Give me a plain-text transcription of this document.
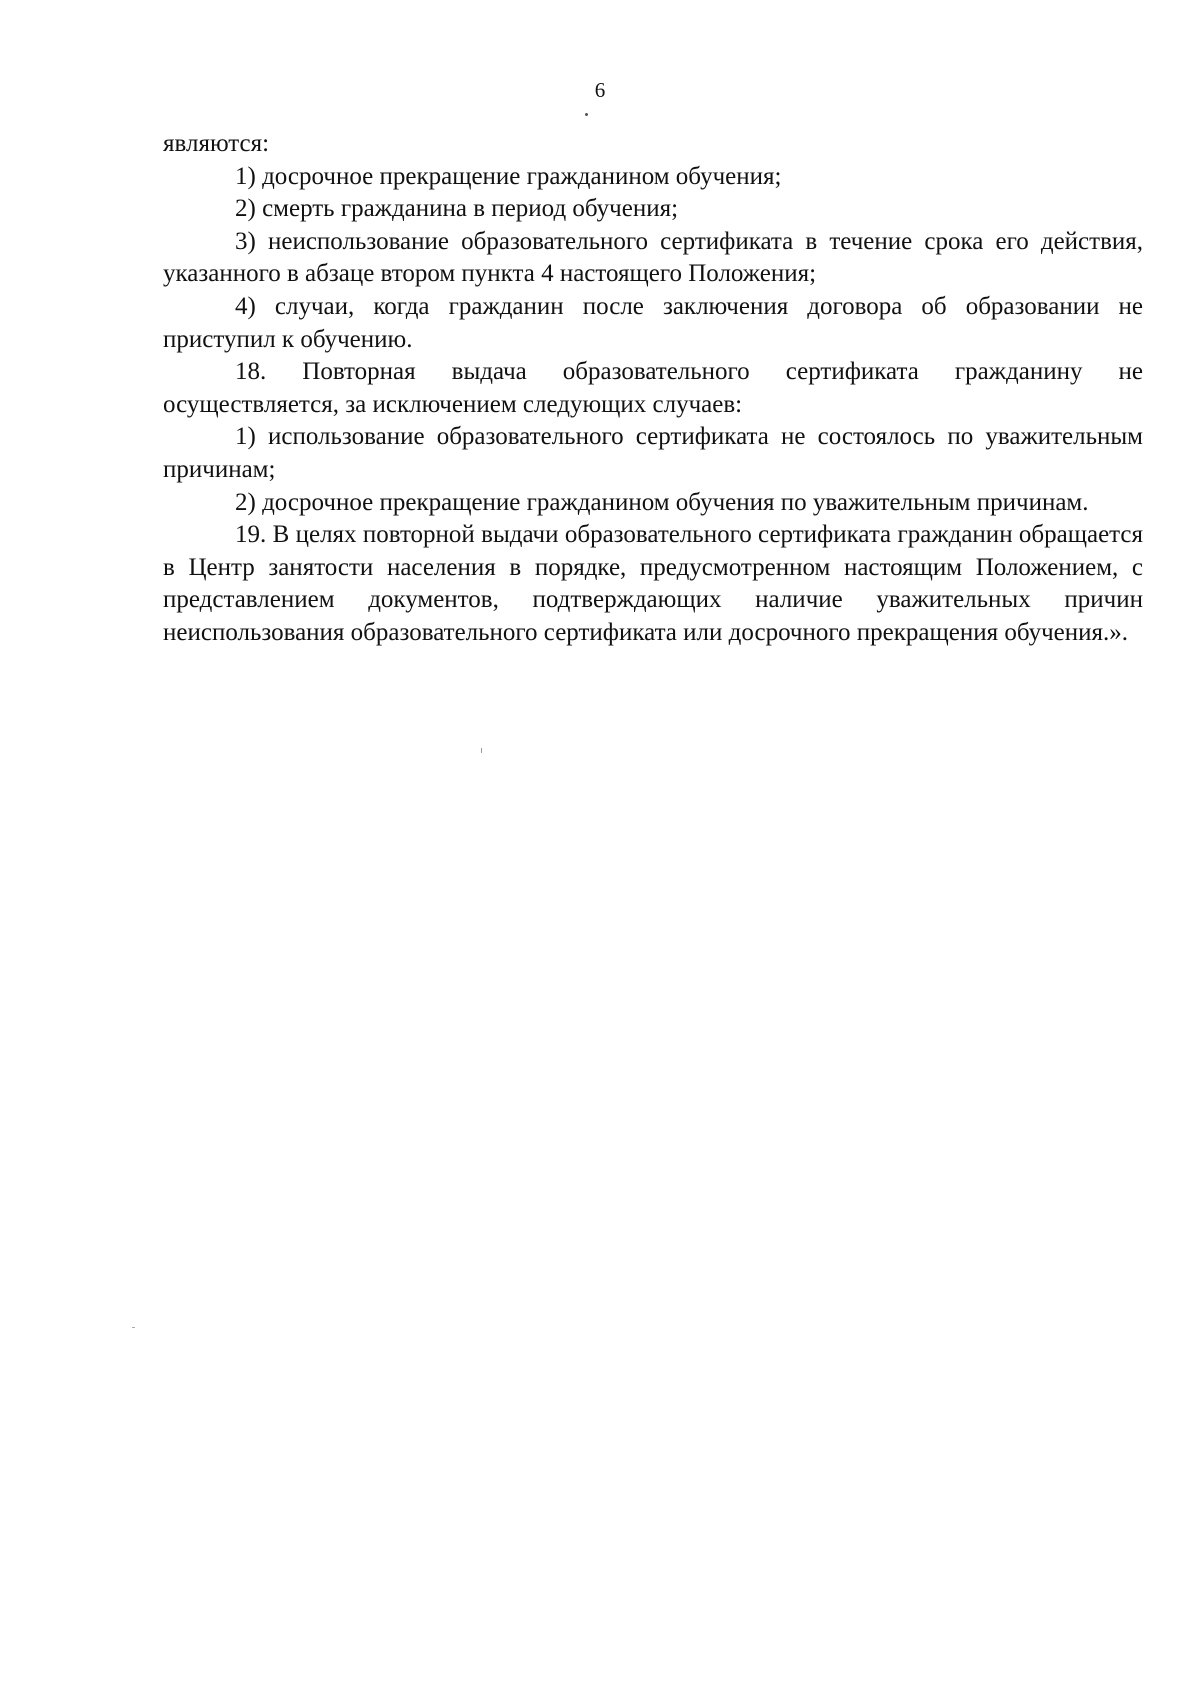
6

являются:

1) досрочное прекращение гражданином обучения;

2) смерть гражданина в период обучения;

3) неиспользование образовательного сертификата в течение срока его действия, указанного в абзаце втором пункта 4 настоящего Положения;

4) случаи, когда гражданин после заключения договора об образовании не приступил к обучению.

18. Повторная выдача образовательного сертификата гражданину не осуществляется, за исключением следующих случаев:

1) использование образовательного сертификата не состоялось по уважительным причинам;

2) досрочное прекращение гражданином обучения по уважительным причинам.

19. В целях повторной выдачи образовательного сертификата гражданин обращается в Центр занятости населения в порядке, предусмотренном настоящим Положением, с представлением документов, подтверждающих наличие уважительных причин неиспользования образовательного сертификата или досрочного прекращения обучения.».
